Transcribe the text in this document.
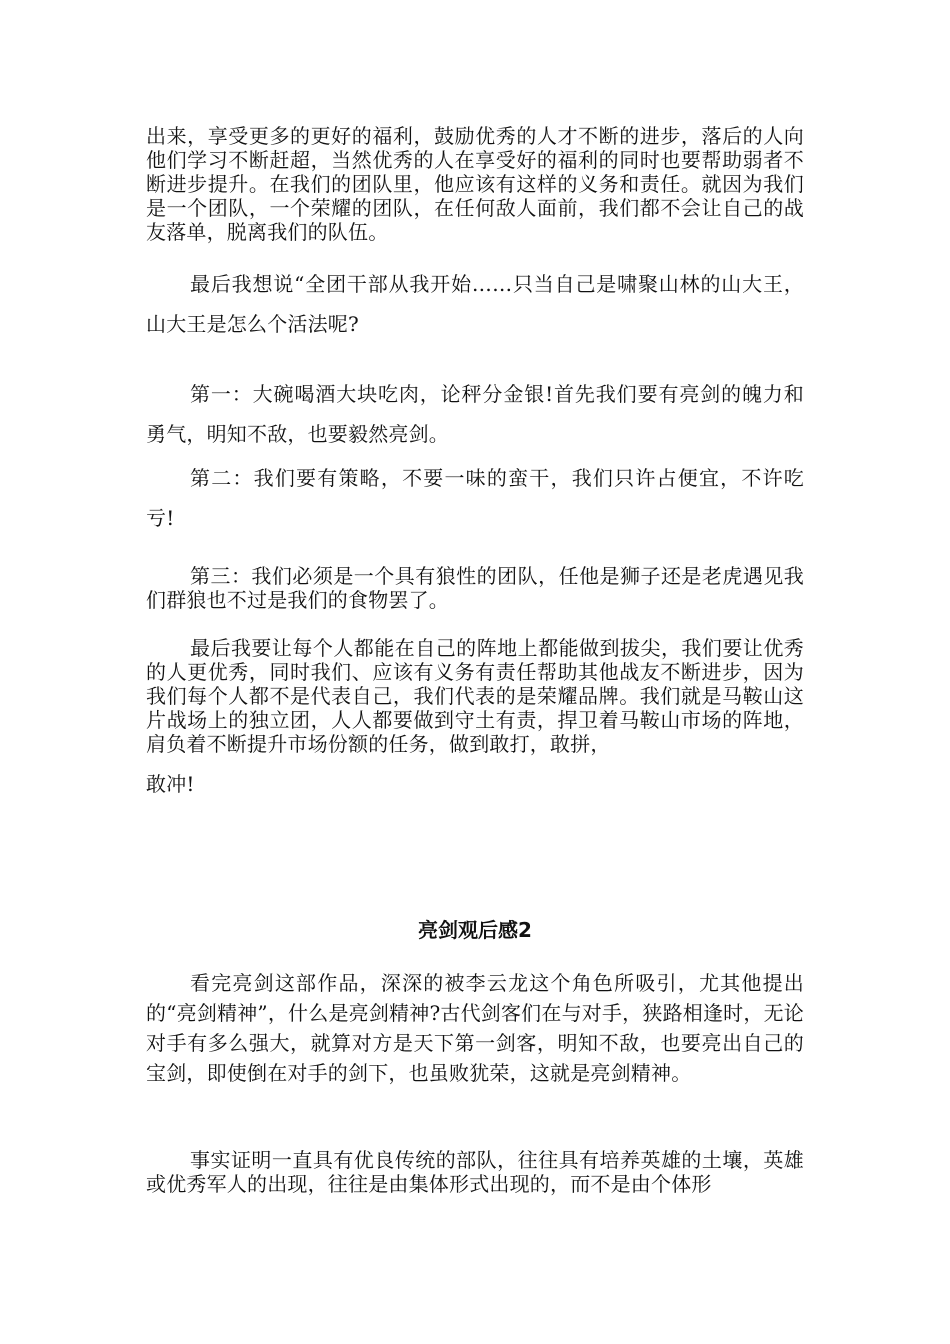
出来，享受更多的更好的福利，鼓励优秀的人才不断的进步，落后的人向他们学习不断赶超，当然优秀的人在享受好的福利的同时也要帮助弱者不断进步提升。在我们的团队里，他应该有这样的义务和责任。就因为我们是一个团队，一个荣耀的团队，在任何敌人面前，我们都不会让自己的战友落单，脱离我们的队伍。

最后我想说“全团干部从我开始……只当自己是啸聚山林的山大王，山大王是怎么个活法呢?

第一：大碗喝酒大块吃肉，论秤分金银!首先我们要有亮剑的魄力和勇气，明知不敌，也要毅然亮剑。

第二：我们要有策略，不要一味的蛮干，我们只许占便宜，不许吃亏!

第三：我们必须是一个具有狼性的团队，任他是狮子还是老虎遇见我们群狼也不过是我们的食物罢了。

最后我要让每个人都能在自己的阵地上都能做到拔尖，我们要让优秀的人更优秀，同时我们、应该有义务有责任帮助其他战友不断进步，因为我们每个人都不是代表自己，我们代表的是荣耀品牌。我们就是马鞍山这片战场上的独立团，人人都要做到守土有责，捍卫着马鞍山市场的阵地，肩负着不断提升市场份额的任务，做到敢打，敢拼，

敢冲!

亮剑观后感2

看完亮剑这部作品，深深的被李云龙这个角色所吸引，尤其他提出的“亮剑精神”，什么是亮剑精神?古代剑客们在与对手，狭路相逢时，无论对手有多么强大，就算对方是天下第一剑客，明知不敌，也要亮出自己的宝剑，即使倒在对手的剑下，也虽败犹荣，这就是亮剑精神。

事实证明一直具有优良传统的部队，往往具有培养英雄的土壤，英雄或优秀军人的出现，往往是由集体形式出现的，而不是由个体形
